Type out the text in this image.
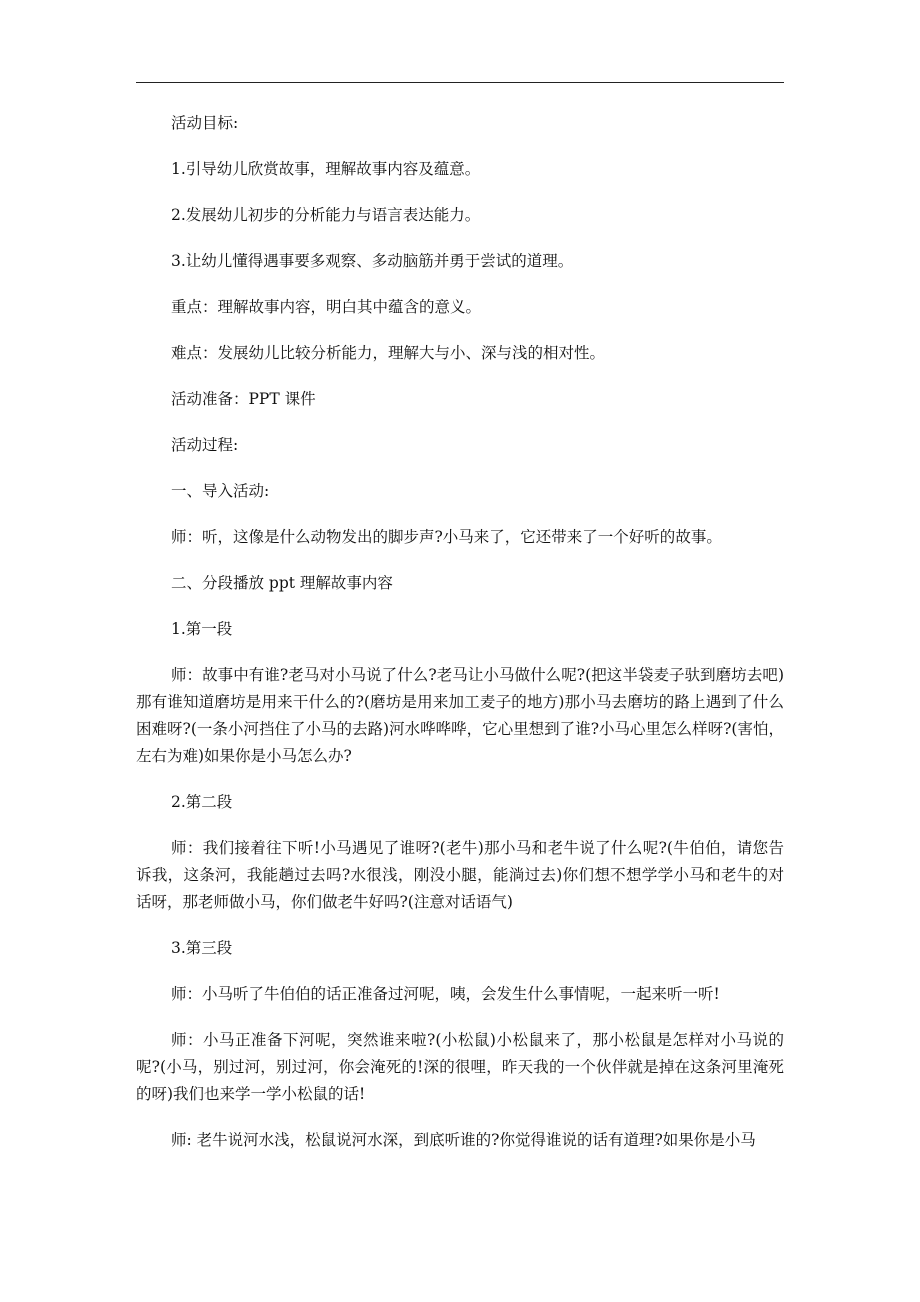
活动目标:

1.引导幼儿欣赏故事，理解故事内容及蕴意。

2.发展幼儿初步的分析能力与语言表达能力。

3.让幼儿懂得遇事要多观察、多动脑筋并勇于尝试的道理。

重点：理解故事内容，明白其中蕴含的意义。

难点：发展幼儿比较分析能力，理解大与小、深与浅的相对性。

活动准备：PPT 课件

活动过程:

一、导入活动:

师：听，这像是什么动物发出的脚步声?小马来了，它还带来了一个好听的故事。

二、分段播放 ppt 理解故事内容

1.第一段

师：故事中有谁?老马对小马说了什么?老马让小马做什么呢?(把这半袋麦子驮到磨坊去吧)那有谁知道磨坊是用来干什么的?(磨坊是用来加工麦子的地方)那小马去磨坊的路上遇到了什么困难呀?(一条小河挡住了小马的去路)河水哗哗哗，它心里想到了谁?小马心里怎么样呀?(害怕，左右为难)如果你是小马怎么办?

2.第二段

师：我们接着往下听!小马遇见了谁呀?(老牛)那小马和老牛说了什么呢?(牛伯伯，请您告诉我，这条河，我能趟过去吗?水很浅，刚没小腿，能淌过去)你们想不想学学小马和老牛的对话呀，那老师做小马，你们做老牛好吗?(注意对话语气)

3.第三段

师：小马听了牛伯伯的话正准备过河呢，咦，会发生什么事情呢，一起来听一听!

师：小马正准备下河呢，突然谁来啦?(小松鼠)小松鼠来了，那小松鼠是怎样对小马说的呢?(小马，别过河，别过河，你会淹死的!深的很哩，昨天我的一个伙伴就是掉在这条河里淹死的呀)我们也来学一学小松鼠的话!

师: 老牛说河水浅，松鼠说河水深，到底听谁的?你觉得谁说的话有道理?如果你是小马
